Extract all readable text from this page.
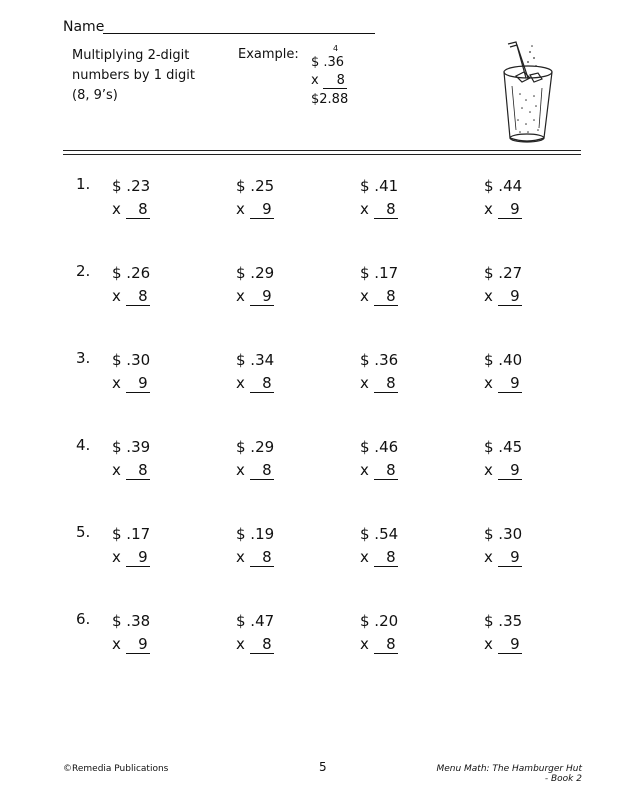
Name
Multiplying 2-digit
numbers by 1 digit
(8, 9’s)
Example:	4
$ .36
x 8
$2.88
1. $ .23
x 8
$ .25
x 9
$ .41
x 8
$ .44
x 9
2. $ .26
x 8
$ .29
x 9
$ .17
x 8
$ .27
x 9
3. $ .30
x 9
$ .34
x 8
$ .36
x 8
$ .40
x 9
4. $ .39
x 8
$ .29
x 8
$ .46
x 8
$ .45
x 9
5. $ .17
x 9
$ .19
x 8
$ .54
x 8
$ .30
x 9
6. $ .38
x 9
$ .47
x 8
$ .20
x 8
$ .35
x 9
©Remedia Publications	5	Menu Math: The Hamburger Hut - Book 2
